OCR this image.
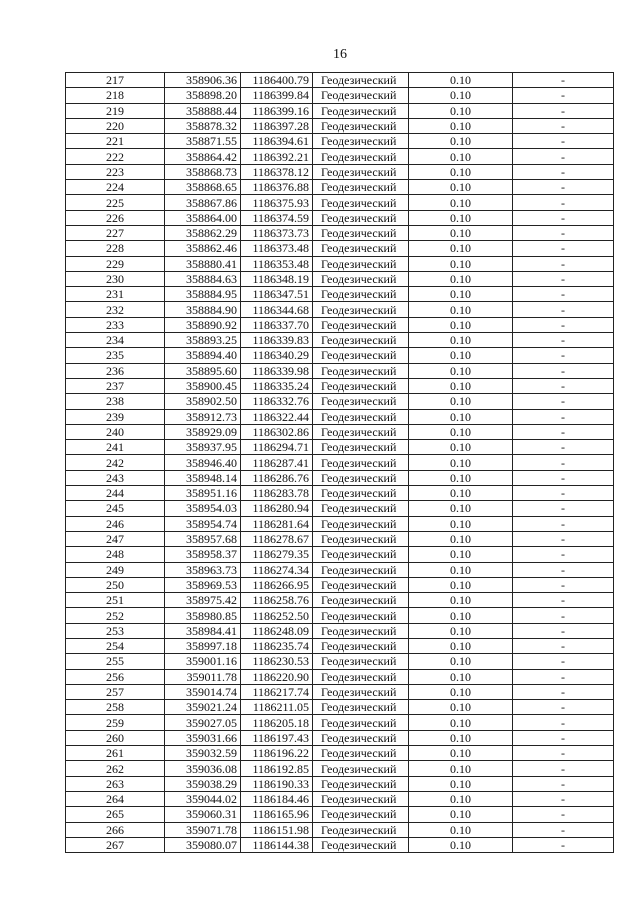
16
217	358906.36	1186400.79	Геодезический	0.10	-
218	358898.20	1186399.84	Геодезический	0.10	-
219	358888.44	1186399.16	Геодезический	0.10	-
220	358878.32	1186397.28	Геодезический	0.10	-
221	358871.55	1186394.61	Геодезический	0.10	-
222	358864.42	1186392.21	Геодезический	0.10	-
223	358868.73	1186378.12	Геодезический	0.10	-
224	358868.65	1186376.88	Геодезический	0.10	-
225	358867.86	1186375.93	Геодезический	0.10	-
226	358864.00	1186374.59	Геодезический	0.10	-
227	358862.29	1186373.73	Геодезический	0.10	-
228	358862.46	1186373.48	Геодезический	0.10	-
229	358880.41	1186353.48	Геодезический	0.10	-
230	358884.63	1186348.19	Геодезический	0.10	-
231	358884.95	1186347.51	Геодезический	0.10	-
232	358884.90	1186344.68	Геодезический	0.10	-
233	358890.92	1186337.70	Геодезический	0.10	-
234	358893.25	1186339.83	Геодезический	0.10	-
235	358894.40	1186340.29	Геодезический	0.10	-
236	358895.60	1186339.98	Геодезический	0.10	-
237	358900.45	1186335.24	Геодезический	0.10	-
238	358902.50	1186332.76	Геодезический	0.10	-
239	358912.73	1186322.44	Геодезический	0.10	-
240	358929.09	1186302.86	Геодезический	0.10	-
241	358937.95	1186294.71	Геодезический	0.10	-
242	358946.40	1186287.41	Геодезический	0.10	-
243	358948.14	1186286.76	Геодезический	0.10	-
244	358951.16	1186283.78	Геодезический	0.10	-
245	358954.03	1186280.94	Геодезический	0.10	-
246	358954.74	1186281.64	Геодезический	0.10	-
247	358957.68	1186278.67	Геодезический	0.10	-
248	358958.37	1186279.35	Геодезический	0.10	-
249	358963.73	1186274.34	Геодезический	0.10	-
250	358969.53	1186266.95	Геодезический	0.10	-
251	358975.42	1186258.76	Геодезический	0.10	-
252	358980.85	1186252.50	Геодезический	0.10	-
253	358984.41	1186248.09	Геодезический	0.10	-
254	358997.18	1186235.74	Геодезический	0.10	-
255	359001.16	1186230.53	Геодезический	0.10	-
256	359011.78	1186220.90	Геодезический	0.10	-
257	359014.74	1186217.74	Геодезический	0.10	-
258	359021.24	1186211.05	Геодезический	0.10	-
259	359027.05	1186205.18	Геодезический	0.10	-
260	359031.66	1186197.43	Геодезический	0.10	-
261	359032.59	1186196.22	Геодезический	0.10	-
262	359036.08	1186192.85	Геодезический	0.10	-
263	359038.29	1186190.33	Геодезический	0.10	-
264	359044.02	1186184.46	Геодезический	0.10	-
265	359060.31	1186165.96	Геодезический	0.10	-
266	359071.78	1186151.98	Геодезический	0.10	-
267	359080.07	1186144.38	Геодезический	0.10	-
